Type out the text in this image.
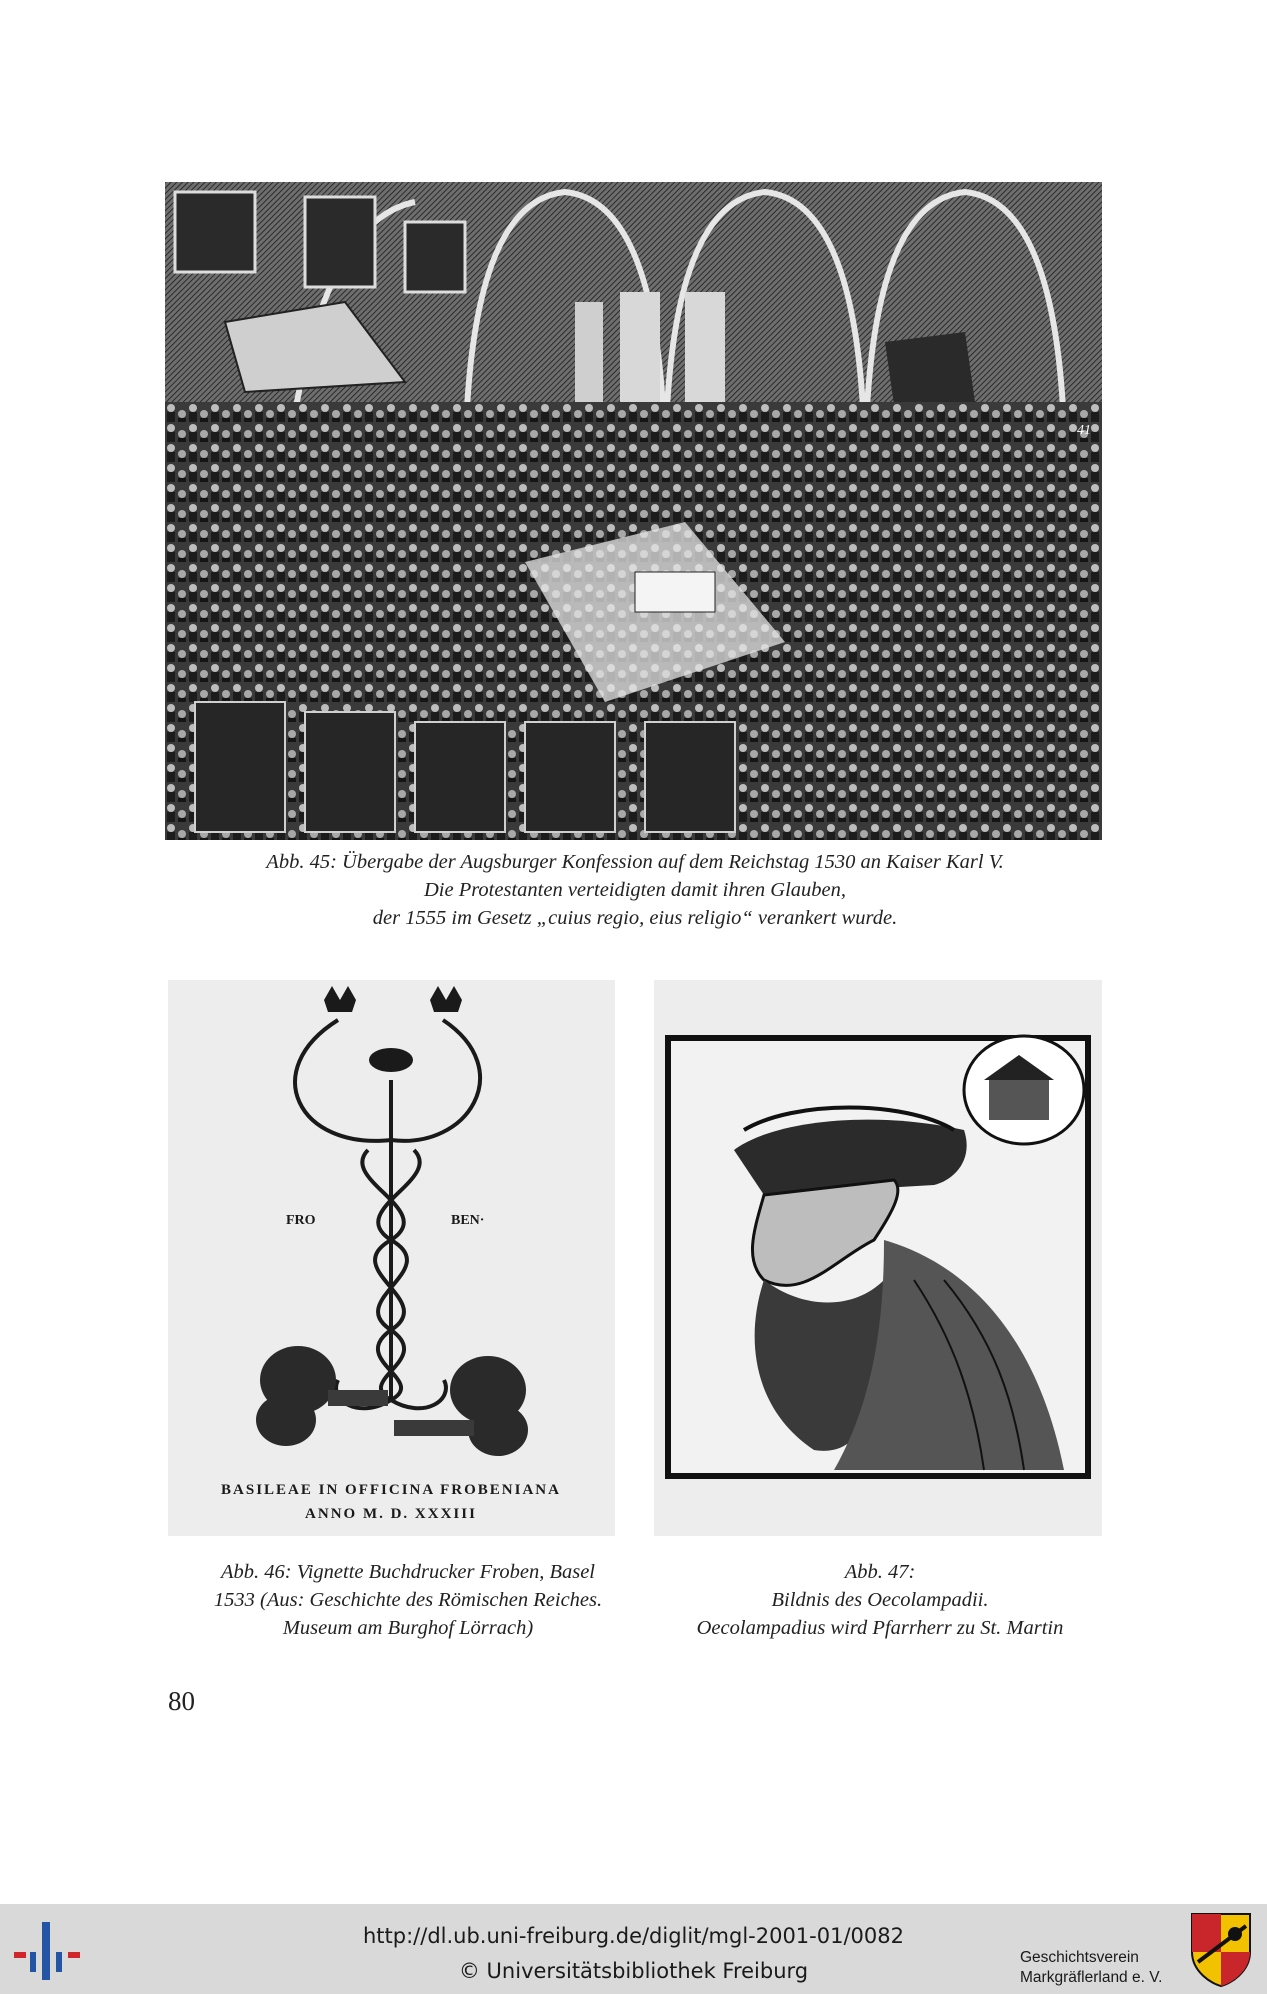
41
Abb. 45: Übergabe der Augsburger Konfession auf dem Reichstag 1530 an Kaiser Karl V.
Die Protestanten verteidigten damit ihren Glauben,
der 1555 im Gesetz „cuius regio, eius religio“ verankert wurde.
FRO	BEN·
BASILEAE IN OFFICINA FROBENIANA
ANNO M. D. XXXIII
Abb. 46: Vignette Buchdrucker Froben, Basel
1533 (Aus: Geschichte des Römischen Reiches.
Museum am Burghof Lörrach)
Abb. 47:
Bildnis des Oecolampadii.
Oecolampadius wird Pfarrherr zu St. Martin
80
http://dl.ub.uni-freiburg.de/diglit/mgl-2001-01/0082
© Universitätsbibliothek Freiburg
Geschichtsverein
Markgräflerland e. V.
